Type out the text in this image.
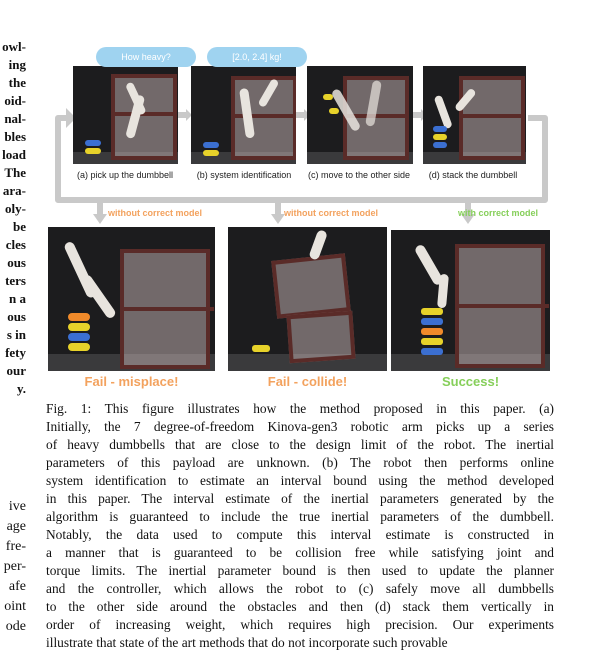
owl-
ing
the
oid-
nal-
bles
load
The
ara-
oly-
be
cles
ous
ters
n a
ous
s in
fety
our
y.
ive
age
fre-
per-
afe
oint
ode
How heavy?	[2.0, 2.4] kg!
(a) pick up the dumbbell	(b) system identification	(c) move to the other side	(d) stack the dumbbell
without correct model	without correct model	with correct model
Fail - misplace!	Fail - collide!	Success!
Fig. 1: This figure illustrates how the method proposed in this paper. (a)
Initially, the 7 degree-of-freedom Kinova-gen3 robotic arm picks up a series
of heavy dumbbells that are close to the design limit of the robot. The inertial
parameters of this payload are unknown. (b) The robot then performs online
system identification to estimate an interval bound using the method developed
in this paper. The interval estimate of the inertial parameters generated by the
algorithm is guaranteed to include the true inertial parameters of the dumbbell.
Notably, the data used to compute this interval estimate is constructed in
a manner that is guaranteed to be collision free while satisfying joint and
torque limits. The inertial parameter bound is then used to update the planner
and the controller, which allows the robot to (c) safely move all dumbbells
to the other side around the obstacles and then (d) stack them vertically in
order of increasing weight, which requires high precision. Our experiments
illustrate that state of the art methods that do not incorporate such provable
